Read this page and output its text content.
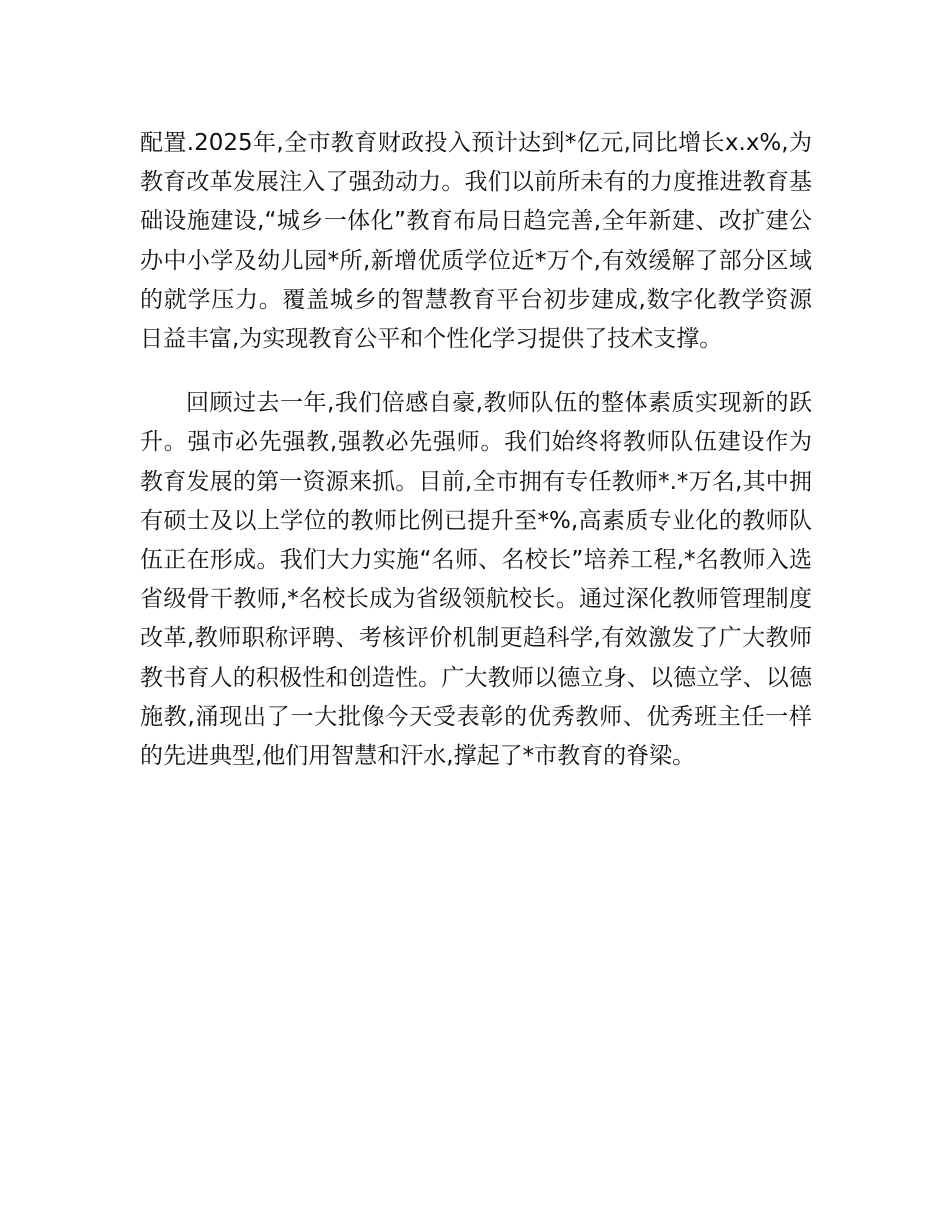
配置.2025年,全市教育财政投入预计达到*亿元,同比增长x.x%,为教育改革发展注入了强劲动力。我们以前所未有的力度推进教育基础设施建设,“城乡一体化”教育布局日趋完善,全年新建、改扩建公办中小学及幼儿园*所,新增优质学位近*万个,有效缓解了部分区域的就学压力。覆盖城乡的智慧教育平台初步建成,数字化教学资源日益丰富,为实现教育公平和个性化学习提供了技术支撑。

回顾过去一年,我们倍感自豪,教师队伍的整体素质实现新的跃升。强市必先强教,强教必先强师。我们始终将教师队伍建设作为教育发展的第一资源来抓。目前,全市拥有专任教师*.*万名,其中拥有硕士及以上学位的教师比例已提升至*%,高素质专业化的教师队伍正在形成。我们大力实施“名师、名校长”培养工程,*名教师入选省级骨干教师,*名校长成为省级领航校长。通过深化教师管理制度改革,教师职称评聘、考核评价机制更趋科学,有效激发了广大教师教书育人的积极性和创造性。广大教师以德立身、以德立学、以德施教,涌现出了一大批像今天受表彰的优秀教师、优秀班主任一样的先进典型,他们用智慧和汗水,撑起了*市教育的脊梁。
